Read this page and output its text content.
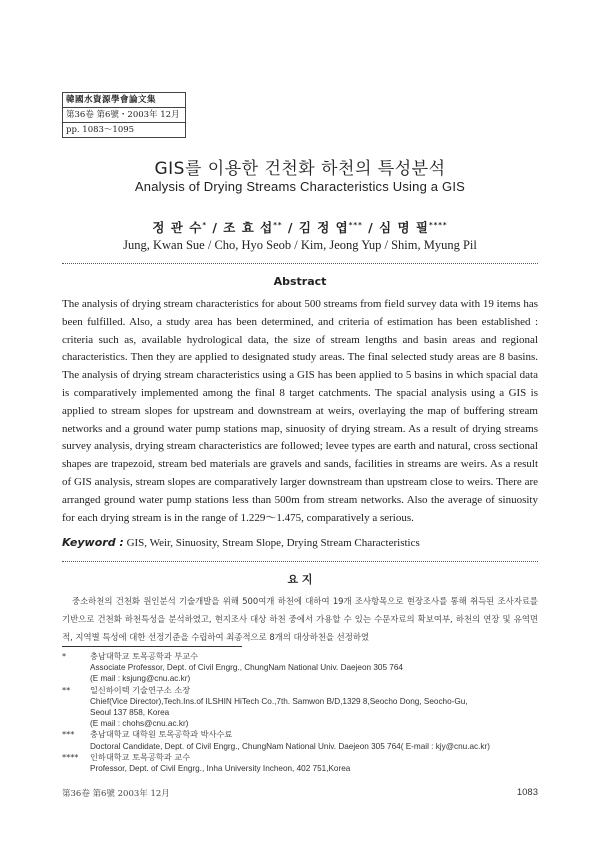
韓國水資源學會論文集
第36卷 第6號・2003年 12月
pp. 1083～1095
GIS를 이용한 건천화 하천의 특성분석
Analysis of Drying Streams Characteristics Using a GIS
정 관 수* / 조 효 섭** / 김 정 엽*** / 심 명 필****
Jung, Kwan Sue / Cho, Hyo Seob / Kim, Jeong Yup / Shim, Myung Pil
Abstract

The analysis of drying stream characteristics for about 500 streams from field survey data with 19 items has been fulfilled. Also, a study area has been determined, and criteria of estimation has been established : criteria such as, available hydrological data, the size of stream lengths and basin areas and regional characteristics. Then they are applied to designated study areas. The final selected study areas are 8 basins. The analysis of drying stream characteristics using a GIS has been applied to 5 basins in which spacial data is comparatively implemented among the final 8 target catchments. The spacial analysis using a GIS is applied to stream slopes for upstream and downstream at weirs, overlaying the map of buffering stream networks and a ground water pump stations map, sinuosity of drying stream. As a result of drying streams survey analysis, drying stream characteristics are followed; levee types are earth and natural, cross sectional shapes are trapezoid, stream bed materials are gravels and sands, facilities in streams are weirs. As a result of GIS analysis, stream slopes are comparatively larger downstream than upstream close to weirs. There are arranged ground water pump stations less than 500m from stream networks. Also the average of sinuosity for each drying stream is in the range of 1.229～1.475, comparatively a serious.

Keyword : GIS, Weir, Sinuosity, Stream Slope, Drying Stream Characteristics
요 지

중소하천의 건천화 원인분석 기술개발을 위해 500여개 하천에 대하여 19개 조사항목으로 현장조사를 통해 취득된 조사자료를 기반으로 건천화 하천특성을 분석하였고, 현지조사 대상 하천 중에서 가용할 수 있는 수문자료의 확보여부, 하천의 연장 및 유역면적, 지역별 특성에 대한 선정기준을 수립하여 최종적으로 8개의 대상하천을 선정하였

*	충남대학교 토목공학과 부교수
Associate Professor, Dept. of Civil Engrg., ChungNam National Univ. Daejeon 305 764
(E mail : ksjung@cnu.ac.kr)
** 일신하이텍 기술연구소 소장
Chief(Vice Director),Tech.Ins.of ILSHIN HiTech Co.,7th. Samwon B/D,1329 8,Seocho Dong, Seocho-Gu,
Seoul 137 858, Korea
(E mail : chohs@cnu.ac.kr)
*** 충남대학교 대학원 토목공학과 박사수료
Doctoral Candidate, Dept. of Civil Engrg., ChungNam National Univ. Daejeon 305 764( E-mail : kjy@cnu.ac.kr)
**** 인하대학교 토목공학과 교수
Professor, Dept. of Civil Engrg., Inha University Incheon, 402 751,Korea
第36卷 第6號 2003年 12月	1083
